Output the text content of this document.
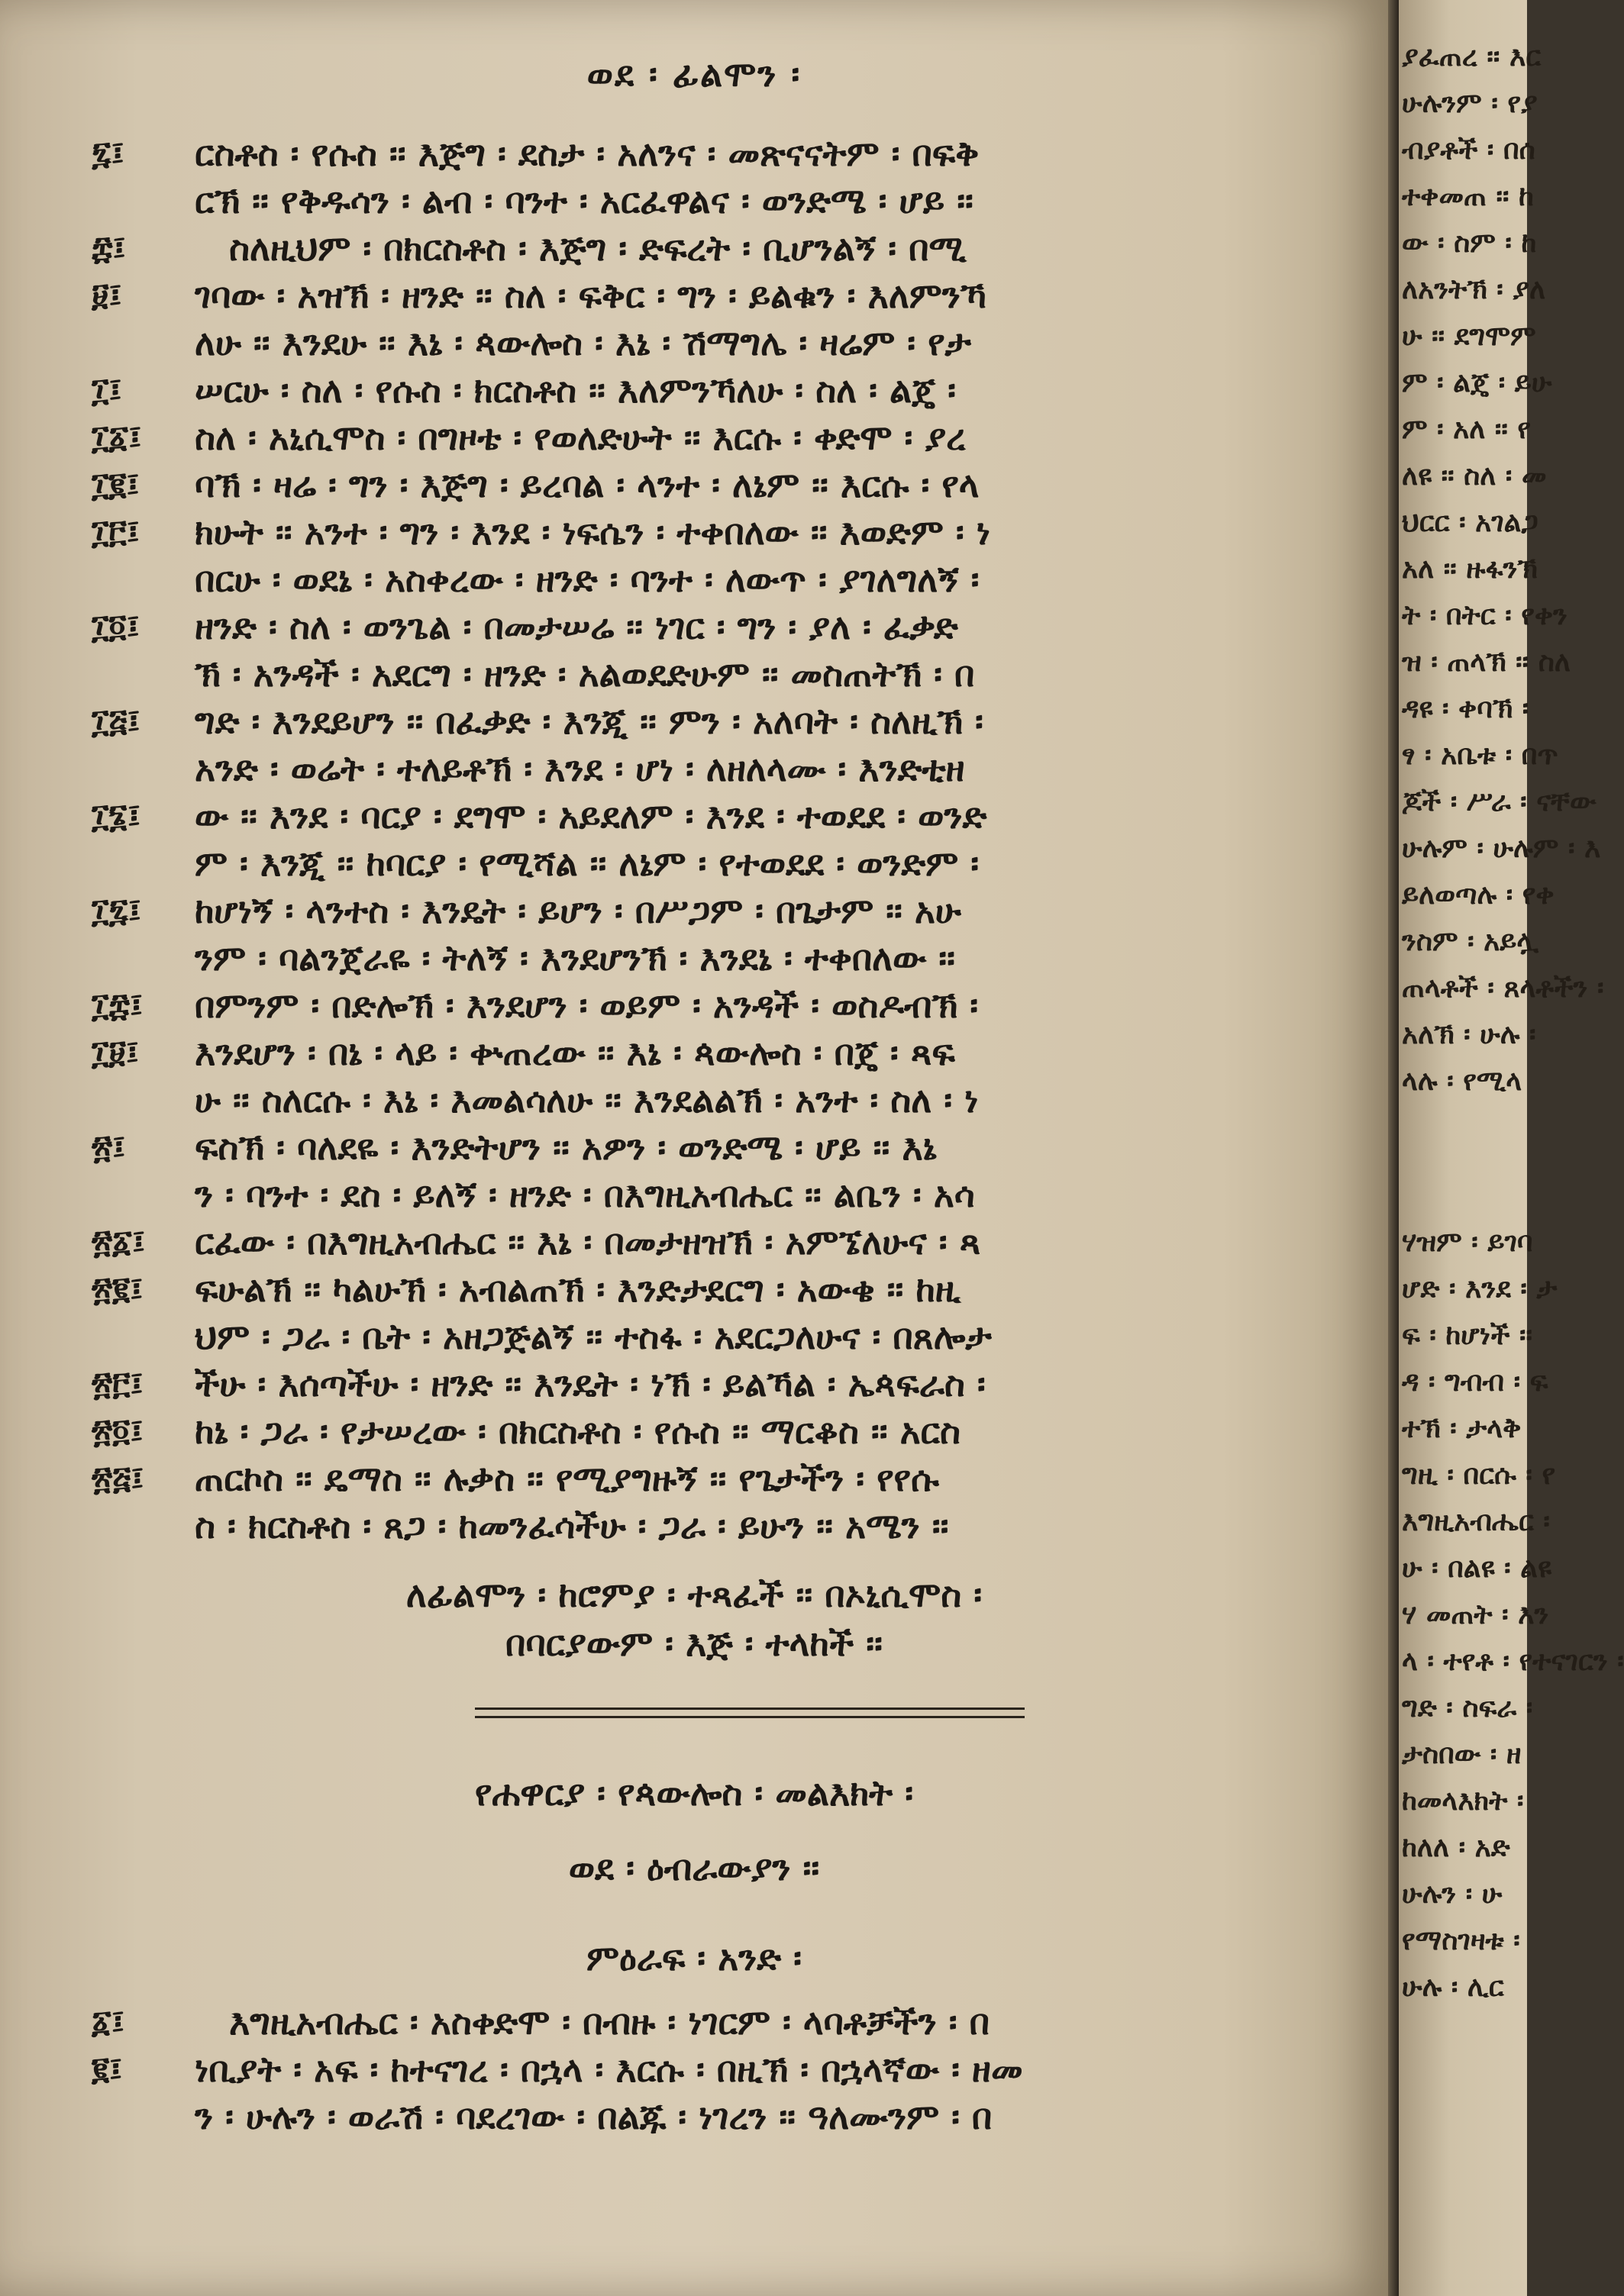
ወደ ፡ ፊልሞን ፡
፯፤	ርስቶስ ፡ የሱስ ፡፡ እጅግ ፡ ደስታ ፡ አለንና ፡ መጽናናትም ፡ በፍቅ
ርኽ ፡፡ የቅዱሳን ፡ ልብ ፡ ባንተ ፡ አርፈዋልና ፡ ወንድሜ ፡ ሆይ ፡፡
፰፤	ስለዚህም ፡ በክርስቶስ ፡ እጅግ ፡ ድፍረት ፡ ቢሆንልኝ ፡ በሚ
፱፤	ገባው ፡ አዝኽ ፡ ዘንድ ፡፡ ስለ ፡ ፍቅር ፡ ግን ፡ ይልቁን ፡ እለምንኻ
ለሁ ፡፡ እንደሁ ፡፡ እኔ ፡ ጳውሎስ ፡ እኔ ፡ ሽማግሌ ፡ ዛሬም ፡ የታ
፲፤	ሠርሁ ፡ ስለ ፡ የሱስ ፡ ክርስቶስ ፡፡ እለምንኻለሁ ፡ ስለ ፡ ልጄ ፡
፲፩፤	ስለ ፡ አኒሲሞስ ፡ በግዞቴ ፡ የወለድሁት ፡፡ እርሱ ፡ ቀድሞ ፡ ያረ
፲፪፤	ባኽ ፡ ዛሬ ፡ ግን ፡ እጅግ ፡ ይረባል ፡ ላንተ ፡ ለኔም ፡፡ እርሱ ፡ የላ
፲፫፤	ክሁት ፡፡ አንተ ፡ ግን ፡ እንደ ፡ ነፍሴን ፡ ተቀበለው ፡፡ እወድም ፡ ነ
በርሁ ፡ ወደኔ ፡ አስቀረው ፡ ዘንድ ፡ ባንተ ፡ ለውጥ ፡ ያገለግለኝ ፡
፲፬፤	ዘንድ ፡ ስለ ፡ ወንጌል ፡ በመታሠሬ ፡፡ ነገር ፡ ግን ፡ ያለ ፡ ፈቃድ
ኽ ፡ አንዳች ፡ አደርግ ፡ ዘንድ ፡ አልወደድሁም ፡፡ መስጠትኽ ፡ በ
፲፭፤	ግድ ፡ እንደይሆን ፡፡ በፈቃድ ፡ እንጂ ፡፡ ምን ፡ አለባት ፡ ስለዚኽ ፡
አንድ ፡ ወሬት ፡ ተለይቶኽ ፡ እንደ ፡ ሆነ ፡ ለዘለላሙ ፡ እንድቲዘ
፲፮፤	ው ፡፡ እንደ ፡ ባርያ ፡ ደግሞ ፡ አይደለም ፡ እንደ ፡ ተወደደ ፡ ወንድ
ም ፡ እንጂ ፡፡ ከባርያ ፡ የሚሻል ፡፡ ለኔም ፡ የተወደደ ፡ ወንድም ፡
፲፯፤	ከሆነኝ ፡ ላንተስ ፡ እንዴት ፡ ይሆን ፡ በሥጋም ፡ በጌታም ፡፡ አሁ
ንም ፡ ባልንጀራዬ ፡ ትለኝ ፡ እንደሆንኽ ፡ እንደኔ ፡ ተቀበለው ፡፡
፲፰፤	በምንም ፡ በድሎኽ ፡ እንደሆን ፡ ወይም ፡ አንዳች ፡ ወስዶብኽ ፡
፲፱፤	እንደሆን ፡ በኔ ፡ ላይ ፡ ቍጠረው ፡፡ እኔ ፡ ጳውሎስ ፡ በጄ ፡ ጻፍ
ሁ ፡፡ ስለርሱ ፡ እኔ ፡ እመልሳለሁ ፡፡ እንደልልኽ ፡ አንተ ፡ ስለ ፡ ነ
፳፤	ፍስኽ ፡ ባለደዬ ፡ እንድትሆን ፡፡ አዎን ፡ ወንድሜ ፡ ሆይ ፡፡ እኔ
ን ፡ ባንተ ፡ ደስ ፡ ይለኝ ፡ ዘንድ ፡ በእግዚአብሔር ፡፡ ልቤን ፡ አሳ
፳፩፤	ርፈው ፡ በእግዚአብሔር ፡፡ እኔ ፡ በመታዘዝኽ ፡ አምኜለሁና ፡ ጻ
፳፪፤	ፍሁልኽ ፡፡ ካልሁኽ ፡ አብልጠኽ ፡ እንድታደርግ ፡ አውቄ ፡፡ ከዚ
ህም ፡ ጋራ ፡ ቤት ፡ አዘጋጅልኝ ፡፡ ተስፋ ፡ አደርጋለሁና ፡ በጸሎታ
፳፫፤	ችሁ ፡ እሰጣችሁ ፡ ዘንድ ፡፡ እንዴት ፡ ነኽ ፡ ይልኻል ፡ ኤጳፍራስ ፡
፳፬፤	ከኔ ፡ ጋራ ፡ የታሠረው ፡ በክርስቶስ ፡ የሱስ ፡፡ ማርቆስ ፡፡ አርስ
፳፭፤	ጠርኮስ ፡፡ ዴማስ ፡፡ ሉቃስ ፡፡ የሚያግዙኝ ፡፡ የጌታችን ፡ የየሱ
ስ ፡ ክርስቶስ ፡ ጸጋ ፡ ከመንፈሳችሁ ፡ ጋራ ፡ ይሁን ፡፡ አሜን ፡፡
ለፊልሞን ፡ ከሮምያ ፡ ተጻፈች ፡፡ በኦኒሲሞስ ፡
በባርያውም ፡ እጅ ፡ ተላከች ፡፡
የሐዋርያ ፡ የጳውሎስ ፡ መልእክት ፡
ወደ ፡ ዕብራውያን ፡፡
ምዕራፍ ፡ አንድ ፡
፩፤	እግዚአብሔር ፡ አስቀድሞ ፡ በብዙ ፡ ነገርም ፡ ላባቶቻችን ፡ በ
፪፤	ነቢያት ፡ አፍ ፡ ከተናገረ ፡ በኋላ ፡ እርሱ ፡ በዚኽ ፡ በኋላኛው ፡ ዘመ
ን ፡ ሁሉን ፡ ወራሽ ፡ ባደረገው ፡ በልጁ ፡ ነገረን ፡፡ ዓለሙንም ፡ በ
ያፈጠረ ፡፡ እር
ሁሉንም ፡ የያ
ብያቶች ፡ በሰ
ተቀመጠ ፡፡ ከ
ው ፡ ስም ፡ ከ
ለአንትኽ ፡ ያለ
ሁ ፡፡ ደግሞም
ም ፡ ልጄ ፡ ይሁ
ም ፡ አለ ፡፡ የ
ለዩ ፡፡ ስለ ፡ መ
ህርር ፡ አገልጋ
አለ ፡፡ ዙፋንኽ
ት ፡ በትር ፡ የቀን
ዝ ፡ ጠላኽ ፡፡ ስለ
ዳዩ ፡ ቀባኽ ፡
ፃ ፡ አቤቱ ፡ በጥ
ጆች ፡ ሥራ ፡ ናቸው
ሁሉም ፡ ሁሉም ፡ እ
ይለወጣሉ ፡ የቀ
ንስም ፡ አይሏ
ጠላቶች ፡ ጸላቶችን ፡
አለኽ ፡ ሁሉ ፡
ላሉ ፡ የሚላ
ሃዝም ፡ ይገባ
ሆድ ፡ እንደ ፡ ታ
ፍ ፡ ከሆነች ፡፡
ዳ ፡ ግብብ ፡ ፍ
ተኽ ፡ ታላቅ
ግዚ ፡ በርሱ ፡ የ
እግዚአብሔር ፡
ሁ ፡ በልዩ ፡ ልዩ
ሃ መጠት ፡ እን
ላ ፡ ተየቶ ፡ የተናገርን ፡
ግድ ፡ ስፍራ ፡
ታስበው ፡ ዘ
ከመላእክት ፡
ከለለ ፡ አድ
ሁሉን ፡ ሁ
የማስገዛቱ ፡
ሁሉ ፡ ሊር
